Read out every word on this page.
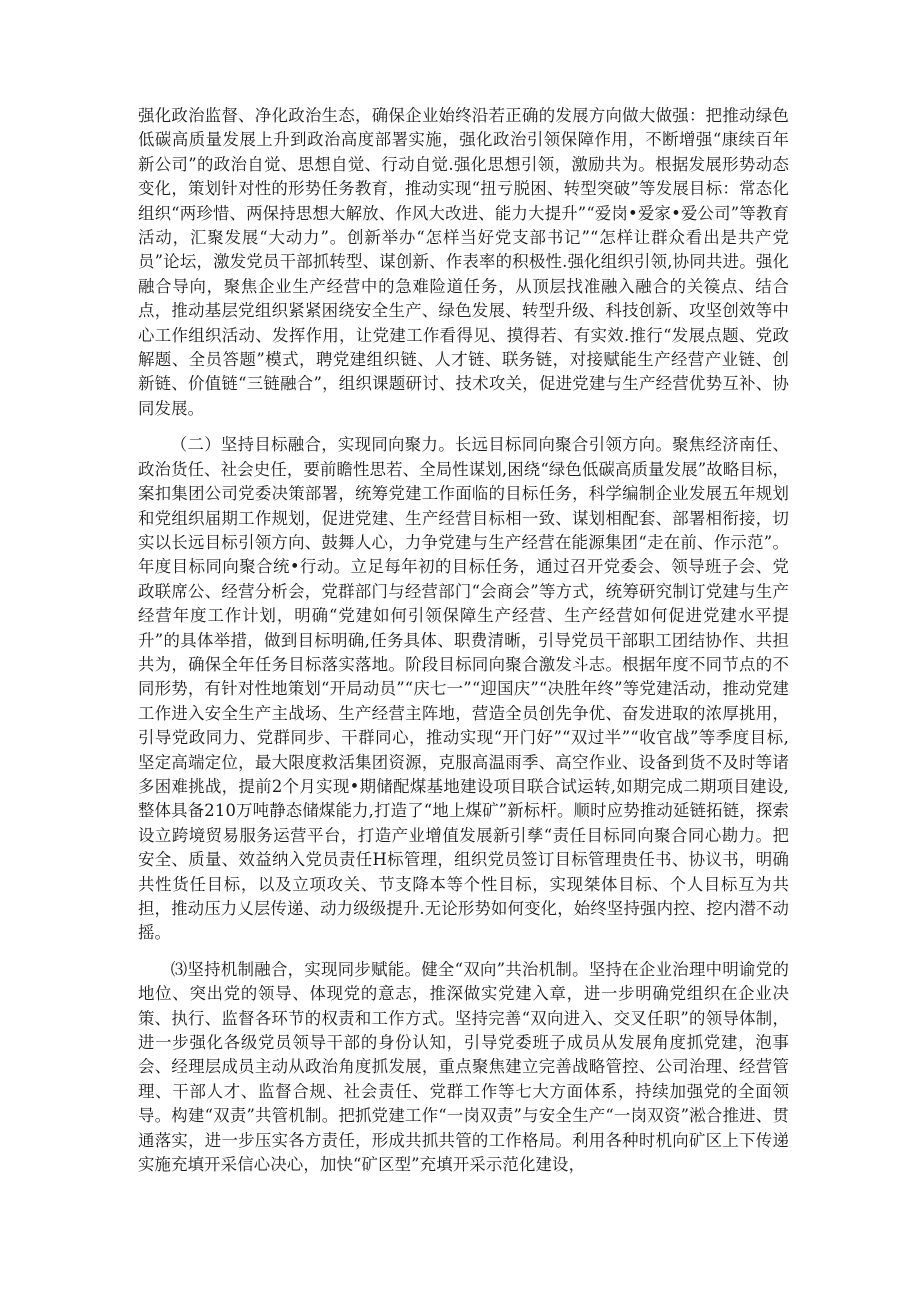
强化政治监督、净化政治生态，确保企业始终沿若正确的发展方向做大做强：把推动绿色低碳高质量发展上升到政治高度部署实施，强化政治引领保障作用，不断增强“康续百年新公司”的政治自觉、思想自觉、行动自觉.强化思想引领，激励共为。根据发展形势动态变化，策划针对性的形势任务教育，推动实现“扭亏脱困、转型突破”等发展目标：常态化组织“两珍惜、两保持思想大解放、作风大改进、能力大提升”“爱岗•爱家•爱公司”等教育活动，汇聚发展“大动力”。创新举办“怎样当好党支部书记”“怎样让群众看出是共产党员”论坛，激发党员干部抓转型、谋创新、作表率的积极性.强化组织引领,协同共进。强化融合导向，聚焦企业生产经营中的急难险道任务，从顶层找准融入融合的关篌点、结合点，推动基层党组织紧紧困绕安全生产、绿色发展、转型升级、科技创新、攻坚创效等中心工作组织活动、发挥作用，让党建工作看得见、摸得若、有实效.推行“发展点题、党政解题、全员答题”模式，聘党建组织链、人才链、联务链，对接赋能生产经营产业链、创新链、价值链“三链融合”，组织课题研讨、技术攻关，促进党建与生产经营优势互补、协同发展。

（二）坚持目标融合，实现同向聚力。长远目标同向聚合引领方向。聚焦经济南任、政治货任、社会史任，要前瞻性思若、全局性谋划,困绕“绿色低碳高质量发展”故略目标，案扣集团公司党委决策部署，统筹党建工作面临的目标任务，科学编制企业发展五年规划和党组织届期工作规划，促进党建、生产经营目标相一致、谋划相配套、部署相衔接，切实以长远目标引领方向、鼓舞人心，力争党建与生产经营在能源集团“走在前、作示范”。年度目标同向聚合统•行动。立足每年初的目标任务，通过召开党委会、领导班子会、党政联席公、经营分析会，党群部门与经营部门“会商会”等方式，统筹研究制订党建与生产经营年度工作计划，明确“党建如何引领保障生产经营、生产经营如何促进党建水平提升”的具体举措，做到目标明确,任务具体、职费清晰，引导党员干部职工团结协作、共担共为，确保全年任务目标落实落地。阶段目标同向聚合激发斗志。根据年度不同节点的不同形势，有针对性地策划“开局动员”“庆七一”“迎国庆”“决胜年终”等党建活动，推动党建工作进入安全生产主战场、生产经营主阵地，营造全员创先争优、奋发进取的浓厚挑用，引导党政同力、党群同步、干群同心，推动实现“开门好”“双过半”“收官战”等季度目标,坚定高端定位，最大限度救活集团资源，克服高温雨季、高空作业、设备到货不及时等诸多困难挑战，提前2个月实现•期储配煤基地建设项目联合试运转,如期完成二期项目建设,整体具备210万吨静态储煤能力,打造了“地上煤矿”新标杆。顺时应势推动延链拓链，探索设立跨境贸易服务运营平台，打造产业增值发展新引孳“责任目标同向聚合同心勘力。把安全、质量、效益纳入党员责任H标管理，组织党员签订目标管理贵任书、协议书，明确共性货任目标，以及立项攻关、节支降本等个性目标，实现桀体目标、个人目标互为共担，推动压力乂层传递、动力级级提升.无论形势如何变化，始终坚持强内控、挖内潜不动摇。

⑶坚持机制融合，实现同步赋能。健全“双向”共治机制。坚持在企业治理中明谕党的地位、突出党的领导、体现党的意志，推深做实党建入章，进一步明确党组织在企业决策、执行、监督各环节的权责和工作方式。坚持完善“双向进入、交叉任职”的领导体制，进一步强化各级党员领导干部的身份认知，引导党委班子成员从发展角度抓党建，泡事会、经理层成员主动从政治角度抓发展，重点聚焦建立完善战略管控、公司治理、经营管理、干部人才、监督合规、社会责任、党群工作等七大方面体系，持续加强党的全面领导。构建“双责”共管机制。把抓党建工作“一岗双责”与安全生产“一岗双资”淞合推进、贯通落实，进一步压实各方责任，形成共抓共管的工作格局。利用各种时机向矿区上下传递实施充填开采信心决心，加快“矿区型”充填开采示范化建设，
